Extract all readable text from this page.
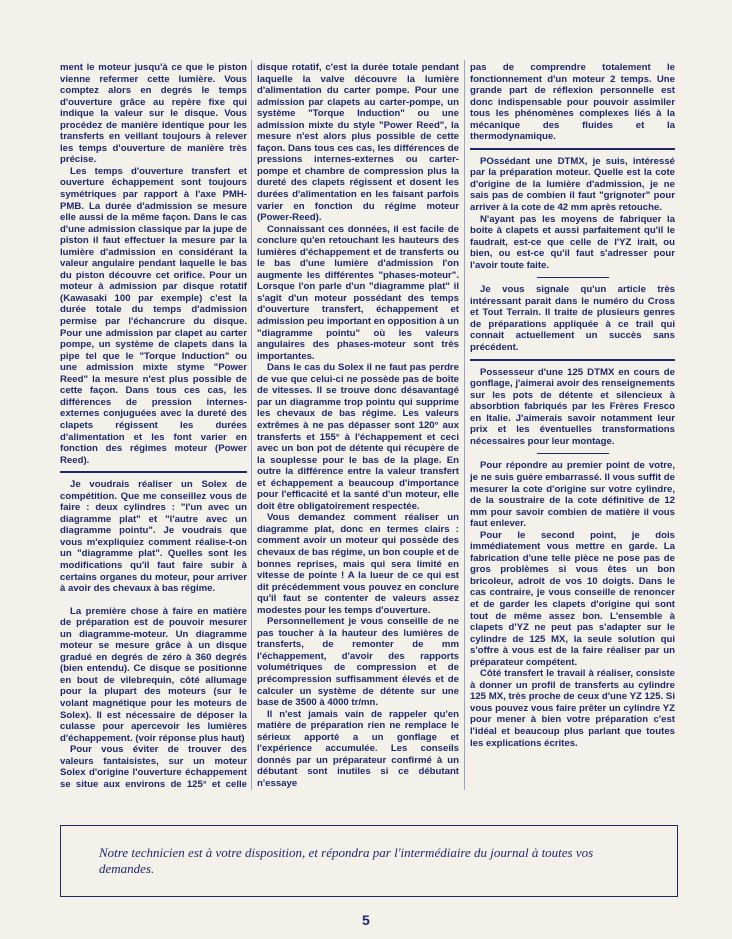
ment le moteur jusqu'à ce que le piston vienne refermer cette lumière. Vous comptez alors en degrés le temps d'ouverture grâce au repère fixe qui indique la valeur sur le disque. Vous procédez de manière identique pour les transferts en veillant toujours à relever les temps d'ouverture de manière très précise.

Les temps d'ouverture transfert et ouverture échappement sont toujours symétriques par rapport à l'axe PMH-PMB. La durée d'admission se mesure elle aussi de la même façon. Dans le cas d'une admission classique par la jupe de piston il faut effectuer la mesure par la lumière d'admission en considérant la valeur angulaire pendant laquelle le bas du piston découvre cet orifice. Pour un moteur à admission par disque rotatif (Kawasaki 100 par exemple) c'est la durée totale du temps d'admission permise par l'échancrure du disque. Pour une admission par clapet au carter pompe, un système de clapets dans la pipe tel que le "Torque Induction" ou une admission mixte styme "Power Reed" la mesure n'est plus possible de cette façon. Dans tous ces cas, les différences de pression internes-externes conjuguées avec la dureté des clapets régissent les durées d'alimentation et les font varier en fonction des régimes moteur (Power Reed).

Je voudrais réaliser un Solex de compétition. Que me conseillez vous de faire : deux cylindres : "l'un avec un diagramme plat" et "l'autre avec un diagramme pointu". Je voudrais que vous m'expliquiez comment réalise-t-on un "diagramme plat". Quelles sont les modifications qu'il faut faire subir à certains organes du moteur, pour arriver à avoir des chevaux à bas régime.

La première chose à faire en matière de préparation est de pouvoir mesurer un diagramme-moteur. Un diagramme moteur se mesure grâce à un disque gradué en degrés de zéro à 360 degrés (bien entendu). Ce disque se positionne en bout de vilebrequin, côté allumage pour la plupart des moteurs (sur le volant magnétique pour les moteurs de Solex). Il est nécessaire de déposer la culasse pour apercevoir les lumières d'échappement. (voir réponse plus haut)

Pour vous éviter de trouver des valeurs fantaisistes, sur un moteur Solex d'origine l'ouverture échappement se situe aux environs de 125° et celle

disque rotatif, c'est la durée totale pendant laquelle la valve découvre la lumière d'alimentation du carter pompe. Pour une admission par clapets au carter-pompe, un système "Torque Induction" ou une admission mixte du style "Power Reed", la mesure n'est alors plus possible de cette façon. Dans tous ces cas, les différences de pressions internes-externes ou carter-pompe et chambre de compression plus la dureté des clapets régissent et dosent les durées d'alimentation en les faisant parfois varier en fonction du régime moteur (Power-Reed).

Connaissant ces données, il est facile de conclure qu'en retouchant les hauteurs des lumières d'échappement et de transferts ou le bas d'une lumière d'admission l'on augmente les différentes "phases-moteur". Lorsque l'on parle d'un "diagramme plat" il s'agit d'un moteur possédant des temps d'ouverture transfert, échappement et admission peu important en opposition à un "diagramme pointu" où les valeurs angulaires des phases-moteur sont très importantes.

Dans le cas du Solex il ne faut pas perdre de vue que celui-ci ne possède pas de boîte de vitesses. Il se trouve donc désavantagé par un diagramme trop pointu qui supprime les chevaux de bas régime. Les valeurs extrêmes à ne pas dépasser sont 120° aux transferts et 155° à l'échappement et ceci avec un bon pot de détente qui récupère de la souplesse pour le bas de la plage. En outre la différence entre la valeur transfert et échappement a beaucoup d'importance pour l'efficacité et la santé d'un moteur, elle doit être obligatoirement respectée.

Vous demandez comment réaliser un diagramme plat, donc en termes clairs : comment avoir un moteur qui possède des chevaux de bas régime, un bon couple et de bonnes reprises, mais qui sera limité en vitesse de pointe ! A la lueur de ce qui est dit précédemment vous pouvez en conclure qu'il faut se contenter de valeurs assez modestes pour les temps d'ouverture.

Personnellement je vous conseille de ne pas toucher à la hauteur des lumières de transferts, de remonter de mm l'échappement, d'avoir des rapports volumétriques de compression et de précompression suffisamment élevés et de calculer un système de détente sur une base de 3500 à 4000 tr/mn.

Il n'est jamais vain de rappeler qu'en matière de préparation rien ne remplace le sérieux apporté a un gonflage et l'expérience accumulée. Les conseils donnés par un préparateur confirmé à un débutant sont inutiles si ce débutant n'essaye

pas de comprendre totalement le fonctionnement d'un moteur 2 temps. Une grande part de réflexion personnelle est donc indispensable pour pouvoir assimiler tous les phénomènes complexes liés à la mécanique des fluides et la thermodynamique.

POssédant une DTMX, je suis, intéressé par la préparation moteur. Quelle est la cote d'origine de la lumière d'admission, je ne sais pas de combien il faut "grignoter" pour arriver à la cote de 42 mm après retouche.

N'ayant pas les moyens de fabriquer la boite à clapets et aussi parfaitement qu'il le faudrait, est-ce que celle de l'YZ irait, ou bien, ou est-ce qu'il faut s'adresser pour l'avoir toute faite.

Je vous signale qu'un article très intéressant parait dans le numéro du Cross et Tout Terrain. Il traite de plusieurs genres de préparations appliquée à ce trail qui connait actuellement un succès sans précédent.

Possesseur d'une 125 DTMX en cours de gonflage, j'aimerai avoir des renseignements sur les pots de détente et silencieux à absorbtion fabriqués par les Frères Fresco en Italie. J'aimerais savoir notamment leur prix et les éventuelles transformations nécessaires pour leur montage.

Pour répondre au premier point de votre, je ne suis guère embarrassé. Il vous suffit de mesurer la cote d'origine sur votre cylindre, de la soustraire de la cote définitive de 12 mm pour savoir combien de matière il vous faut enlever.

Pour le second point, je dois immédiatement vous mettre en garde. La fabrication d'une telle pièce ne pose pas de gros problèmes si vous êtes un bon bricoleur, adroit de vos 10 doigts. Dans le cas contraire, je vous conseille de renoncer et de garder les clapets d'origine qui sont tout de même assez bon. L'ensemble à clapets d'YZ ne peut pas s'adapter sur le cylindre de 125 MX, la seule solution qui s'offre à vous est de la faire réaliser par un préparateur compétent.

Côté transfert le travail à réaliser, consiste à donner un profil de transferts au cylindre 125 MX, très proche de ceux d'une YZ 125. Si vous pouvez vous faire prêter un cylindre YZ pour mener à bien votre préparation c'est l'idéal et beaucoup plus parlant que toutes les explications écrites.

Notre technicien est à votre disposition, et répondra par l'intermédiaire du journal à toutes vos demandes.
5
